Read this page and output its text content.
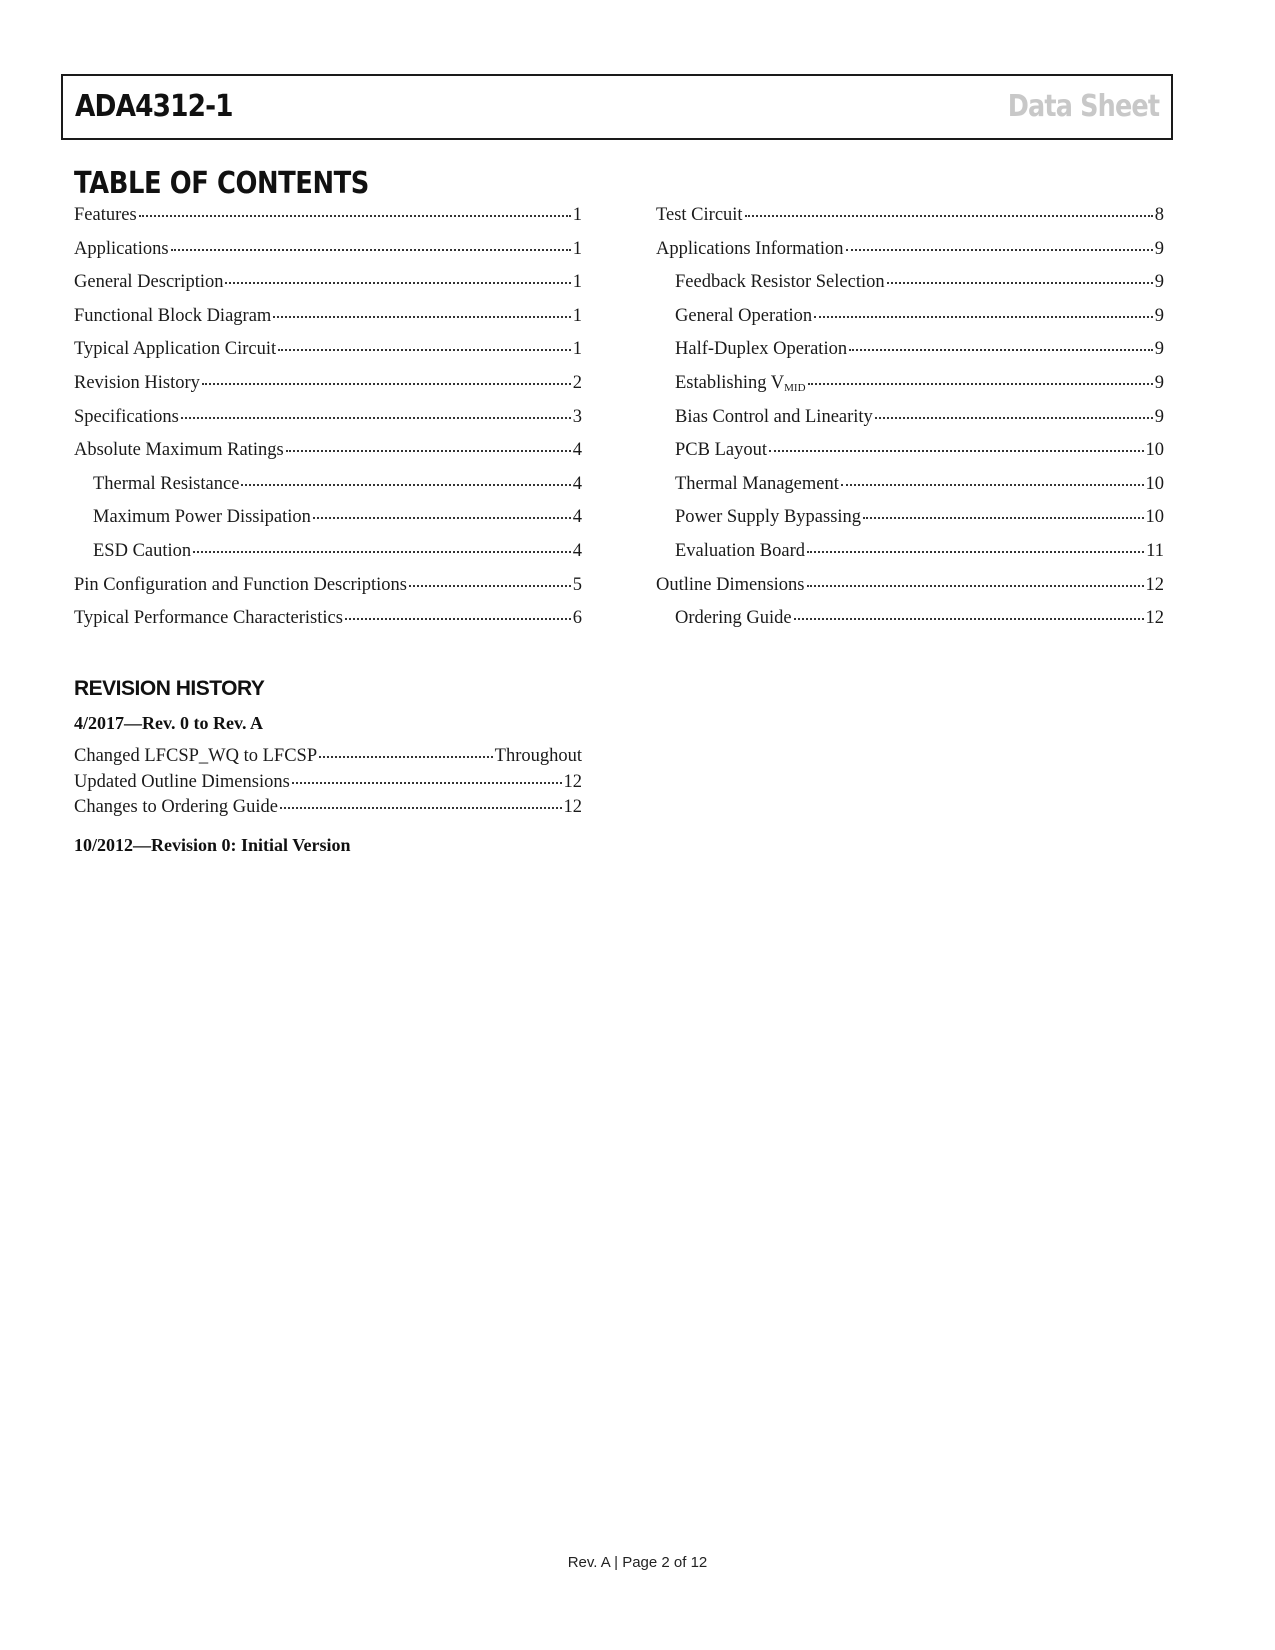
ADA4312-1	Data Sheet
TABLE OF CONTENTS
Features	1
Applications	1
General Description	1
Functional Block Diagram	1
Typical Application Circuit	1
Revision History	2
Specifications	3
Absolute Maximum Ratings	4
Thermal Resistance	4
Maximum Power Dissipation	4
ESD Caution	4
Pin Configuration and Function Descriptions	5
Typical Performance Characteristics	6
Test Circuit	8
Applications Information	9
Feedback Resistor Selection	9
General Operation	9
Half-Duplex Operation	9
Establishing $V_{MID}$	9
Bias Control and Linearity	9
PCB Layout	10
Thermal Management	10
Power Supply Bypassing	10
Evaluation Board	11
Outline Dimensions	12
Ordering Guide	12
REVISION HISTORY
4/2017—Rev. 0 to Rev. A
Changed LFCSP_WQ to LFCSP	Throughout
Updated Outline Dimensions	12
Changes to Ordering Guide	12
10/2012—Revision 0: Initial Version
Rev. A | Page 2 of 12
